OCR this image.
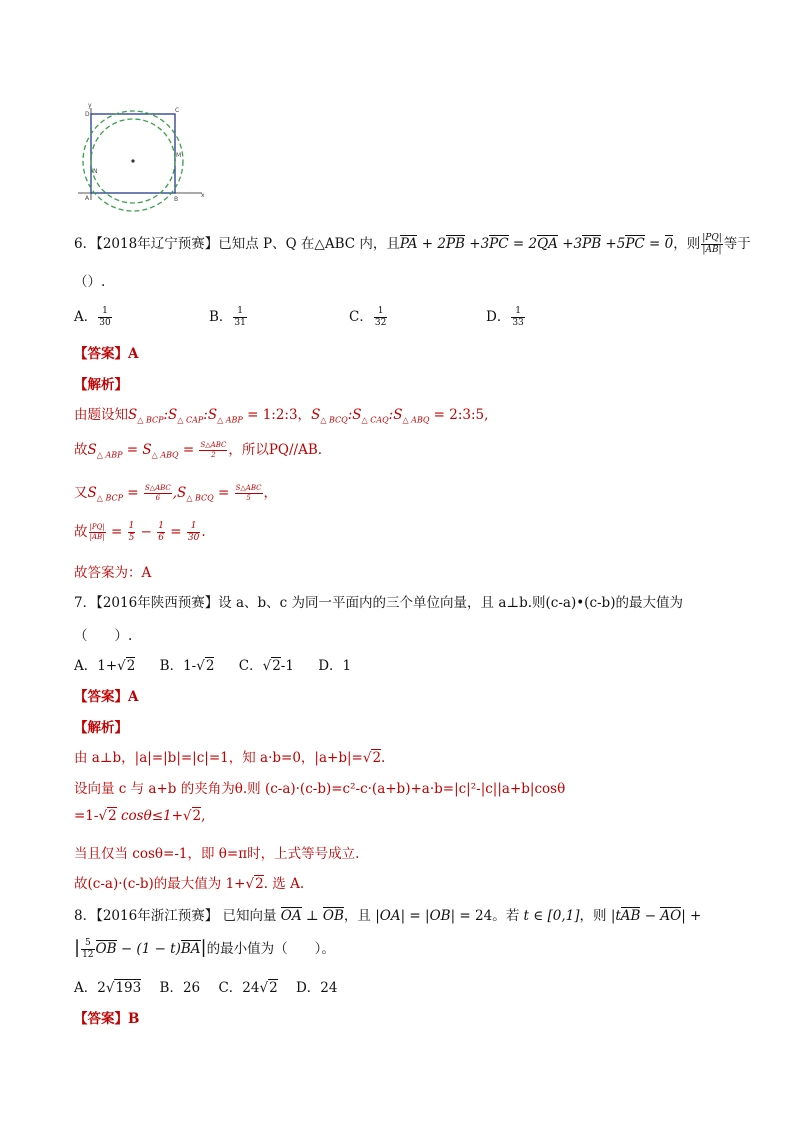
y
D
C
M
N
A	B
x
6．【2018年辽宁预赛】已知点 P、Q 在△ABC 内，且PA + 2PB +3PC = 2QA +3PB +5PC = 0，则 $\frac{|PQ|}{|AB|}$ 等于
（）.
A． $\frac{1}{30}$	B． $\frac{1}{31}$	C． $\frac{1}{32}$	D． $\frac{1}{33}$
【答案】A
【解析】
由题设知$S_{\triangle BCP}:S_{\triangle CAP}:S_{\triangle ABP}$ = 1:2:3，$S_{\triangle BCQ}:S_{\triangle CAQ}:S_{\triangle ABQ}$ = 2:3:5,
故$S_{\triangle ABP} = S_{\triangle ABQ} = \frac{\text{S△ABC}}{2}$ ，所以PQ//AB.
又$S_{\triangle BCP} = \frac{\text{S△ABC}}{6} ,S_{\triangle BCQ} = \frac{\text{S△ABC}}{5}$ ，
故 $\frac{|PQ|}{|AB|} = \frac{1}{5} - \frac{1}{6} = \frac{1}{30}$ .
故答案为：A
7．【2016年陕西预赛】设 a、b、c 为同一平面内的三个单位向量，且 a⊥b.则(c-a)•(c-b)的最大值为
（　　）.
A．1+√2 B．1-√2 C．√2-1 D．1
【答案】A
【解析】
由 a⊥b，|a|=|b|=|c|=1，知 a·b=0，|a+b|=√2.
设向量 c 与 a+b 的夹角为θ.则 (c-a)·(c-b)=c²-c·(a+b)+a·b=|c|²-|c||a+b|cosθ
=1-√2 cosθ≤1+√2,
当且仅当 cosθ=-1，即 θ=π时，上式等号成立.
故(c-a)·(c-b)的最大值为 1+√2. 选 A.
8．【2016年浙江预赛】 已知向量 OA ⊥ OB，且 |OA| = |OB| = 24。若 t ∈ [0,1]，则 |tAB − AO| +
| $\frac{5}{12}$ OB − (1 − t)BA|的最小值为（　　）。
A．2√193 B．26 C．24√2 D．24
【答案】B
